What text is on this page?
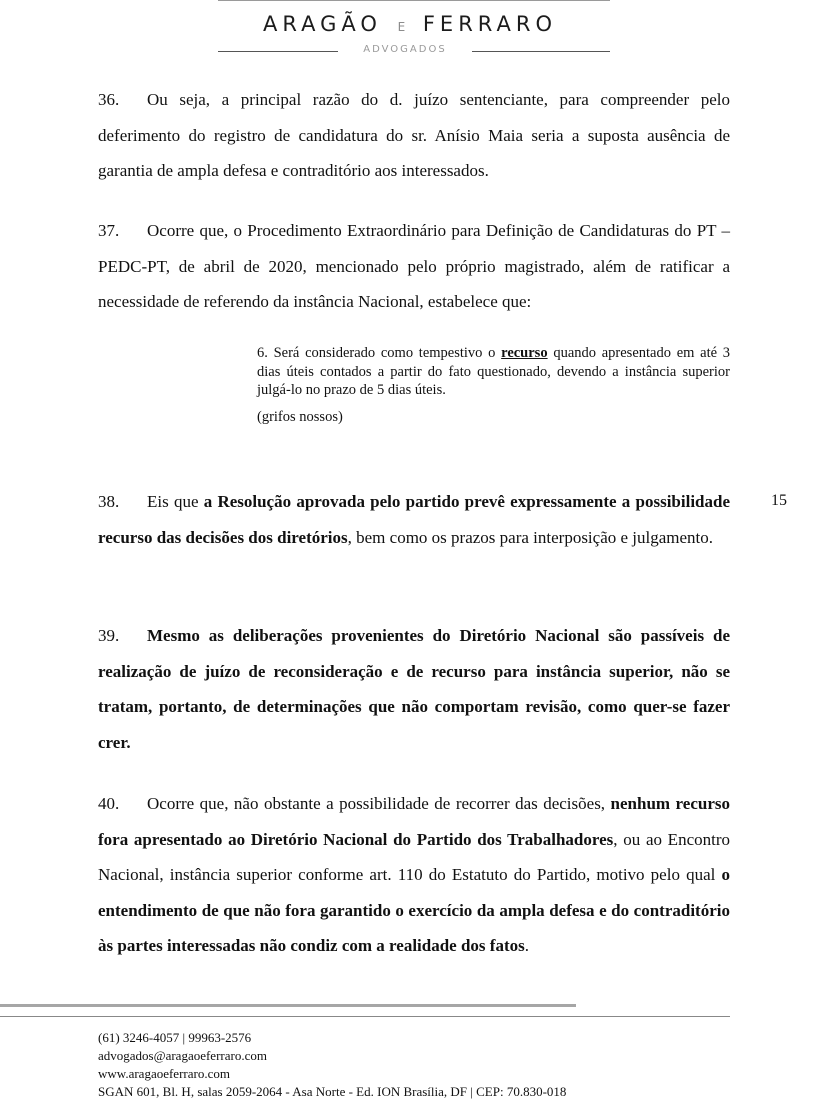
ARAGÃO E FERRARO
ADVOGADOS

36. Ou seja, a principal razão do d. juízo sentenciante, para compreender pelo deferimento do registro de candidatura do sr. Anísio Maia seria a suposta ausência de garantia de ampla defesa e contraditório aos interessados.

37. Ocorre que, o Procedimento Extraordinário para Definição de Candidaturas do PT – PEDC-PT, de abril de 2020, mencionado pelo próprio magistrado, além de ratificar a necessidade de referendo da instância Nacional, estabelece que:

6. Será considerado como tempestivo o recurso quando apresentado em até 3 dias úteis contados a partir do fato questionado, devendo a instância superior julgá-lo no prazo de 5 dias úteis.

(grifos nossos)

38. Eis que a Resolução aprovada pelo partido prevê expressamente a possibilidade recurso das decisões dos diretórios, bem como os prazos para interposição e julgamento.

15

39. Mesmo as deliberações provenientes do Diretório Nacional são passíveis de realização de juízo de reconsideração e de recurso para instância superior, não se tratam, portanto, de determinações que não comportam revisão, como quer-se fazer crer.

40. Ocorre que, não obstante a possibilidade de recorrer das decisões, nenhum recurso fora apresentado ao Diretório Nacional do Partido dos Trabalhadores, ou ao Encontro Nacional, instância superior conforme art. 110 do Estatuto do Partido, motivo pelo qual o entendimento de que não fora garantido o exercício da ampla defesa e do contraditório às partes interessadas não condiz com a realidade dos fatos.

(61) 3246-4057 | 99963-2576
advogados@aragaoeferraro.com
www.aragaoeferraro.com
SGAN 601, Bl. H, salas 2059-2064 - Asa Norte - Ed. ION Brasília, DF | CEP: 70.830-018
